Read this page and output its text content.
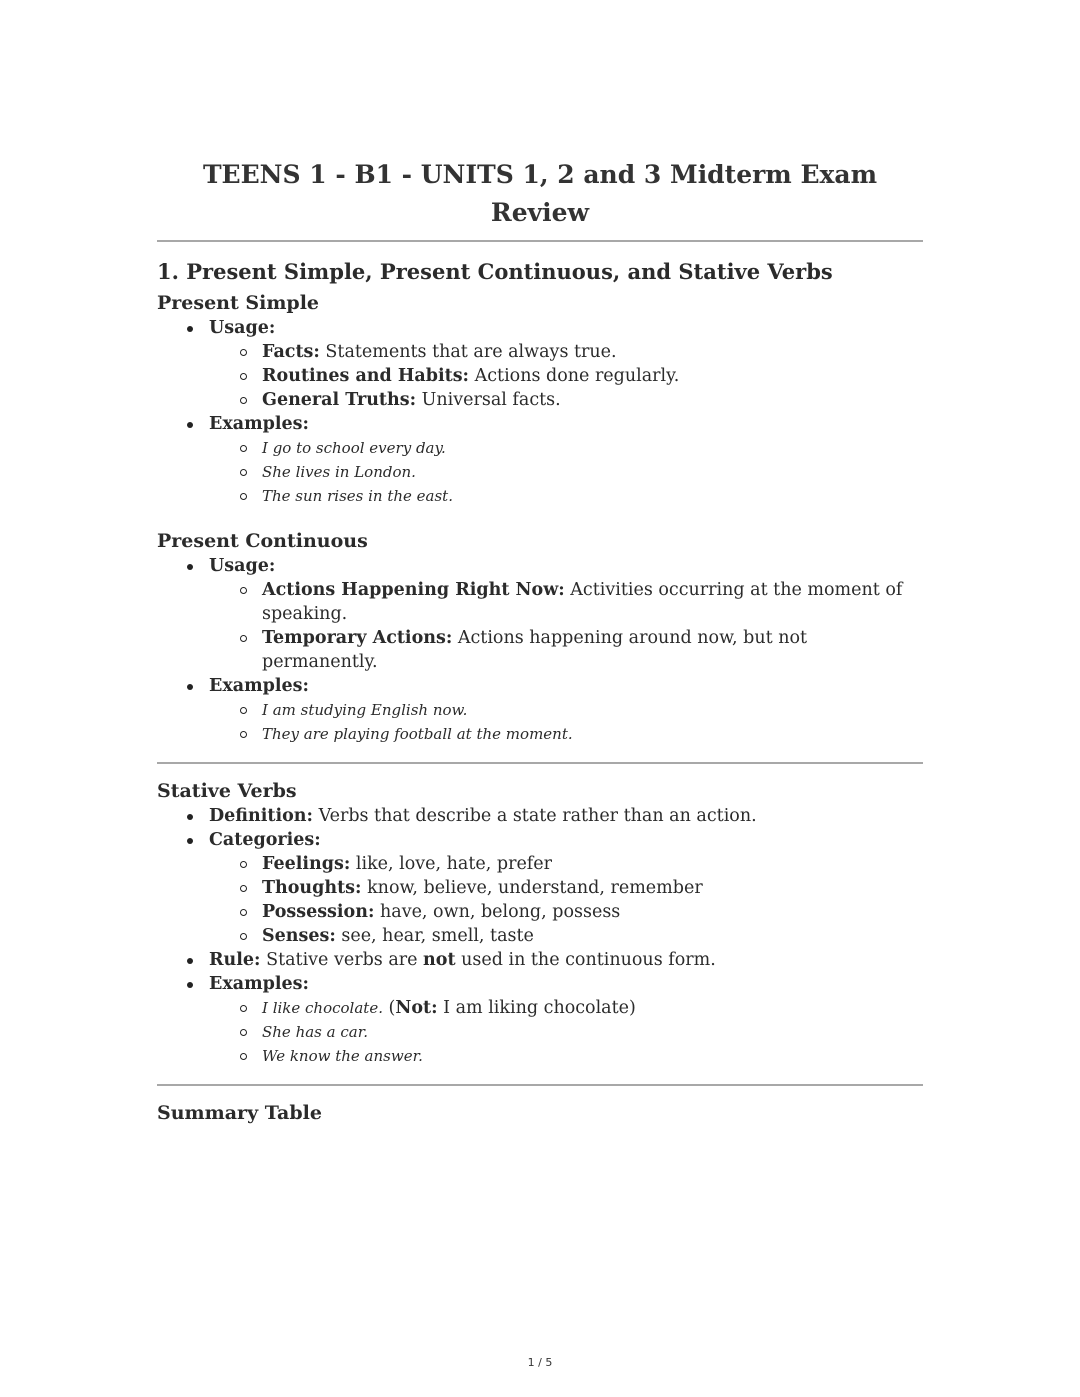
TEENS 1 - B1 - UNITS 1, 2 and 3 Midterm Exam Review
1. Present Simple, Present Continuous, and Stative Verbs
Present Simple
Usage:
Facts: Statements that are always true.
Routines and Habits: Actions done regularly.
General Truths: Universal facts.
Examples:
I go to school every day.
She lives in London.
The sun rises in the east.
Present Continuous
Usage:
Actions Happening Right Now: Activities occurring at the moment of speaking.
Temporary Actions: Actions happening around now, but not permanently.
Examples:
I am studying English now.
They are playing football at the moment.
Stative Verbs
Definition: Verbs that describe a state rather than an action.
Categories:
Feelings: like, love, hate, prefer
Thoughts: know, believe, understand, remember
Possession: have, own, belong, possess
Senses: see, hear, smell, taste
Rule: Stative verbs are not used in the continuous form.
Examples:
I like chocolate. (Not: I am liking chocolate)
She has a car.
We know the answer.
Summary Table
1 / 5
